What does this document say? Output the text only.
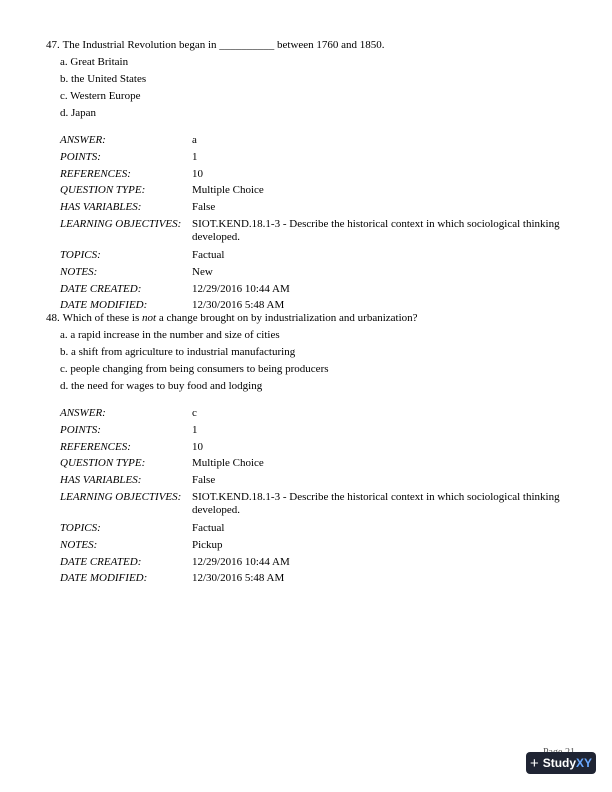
47. The Industrial Revolution began in __________ between 1760 and 1850.

a. Great Britain
b. the United States
c. Western Europe
d. Japan
ANSWER:	a
POINTS:	1
REFERENCES:	10
QUESTION TYPE:	Multiple Choice
HAS VARIABLES:	False
LEARNING OBJECTIVES:	SIOT.KEND.18.1-3 - Describe the historical context in which sociological thinking developed.
TOPICS:	Factual
NOTES:	New
DATE CREATED:	12/29/2016 10:44 AM
DATE MODIFIED:	12/30/2016 5:48 AM

48. Which of these is not a change brought on by industrialization and urbanization?

a. a rapid increase in the number and size of cities
b. a shift from agriculture to industrial manufacturing
c. people changing from being consumers to being producers
d. the need for wages to buy food and lodging
ANSWER:	c
POINTS:	1
REFERENCES:	10
QUESTION TYPE:	Multiple Choice
HAS VARIABLES:	False
LEARNING OBJECTIVES:	SIOT.KEND.18.1-3 - Describe the historical context in which sociological thinking developed.
TOPICS:	Factual
NOTES:	Pickup
DATE CREATED:	12/29/2016 10:44 AM
DATE MODIFIED:	12/30/2016 5:48 AM
+ StudyXY
